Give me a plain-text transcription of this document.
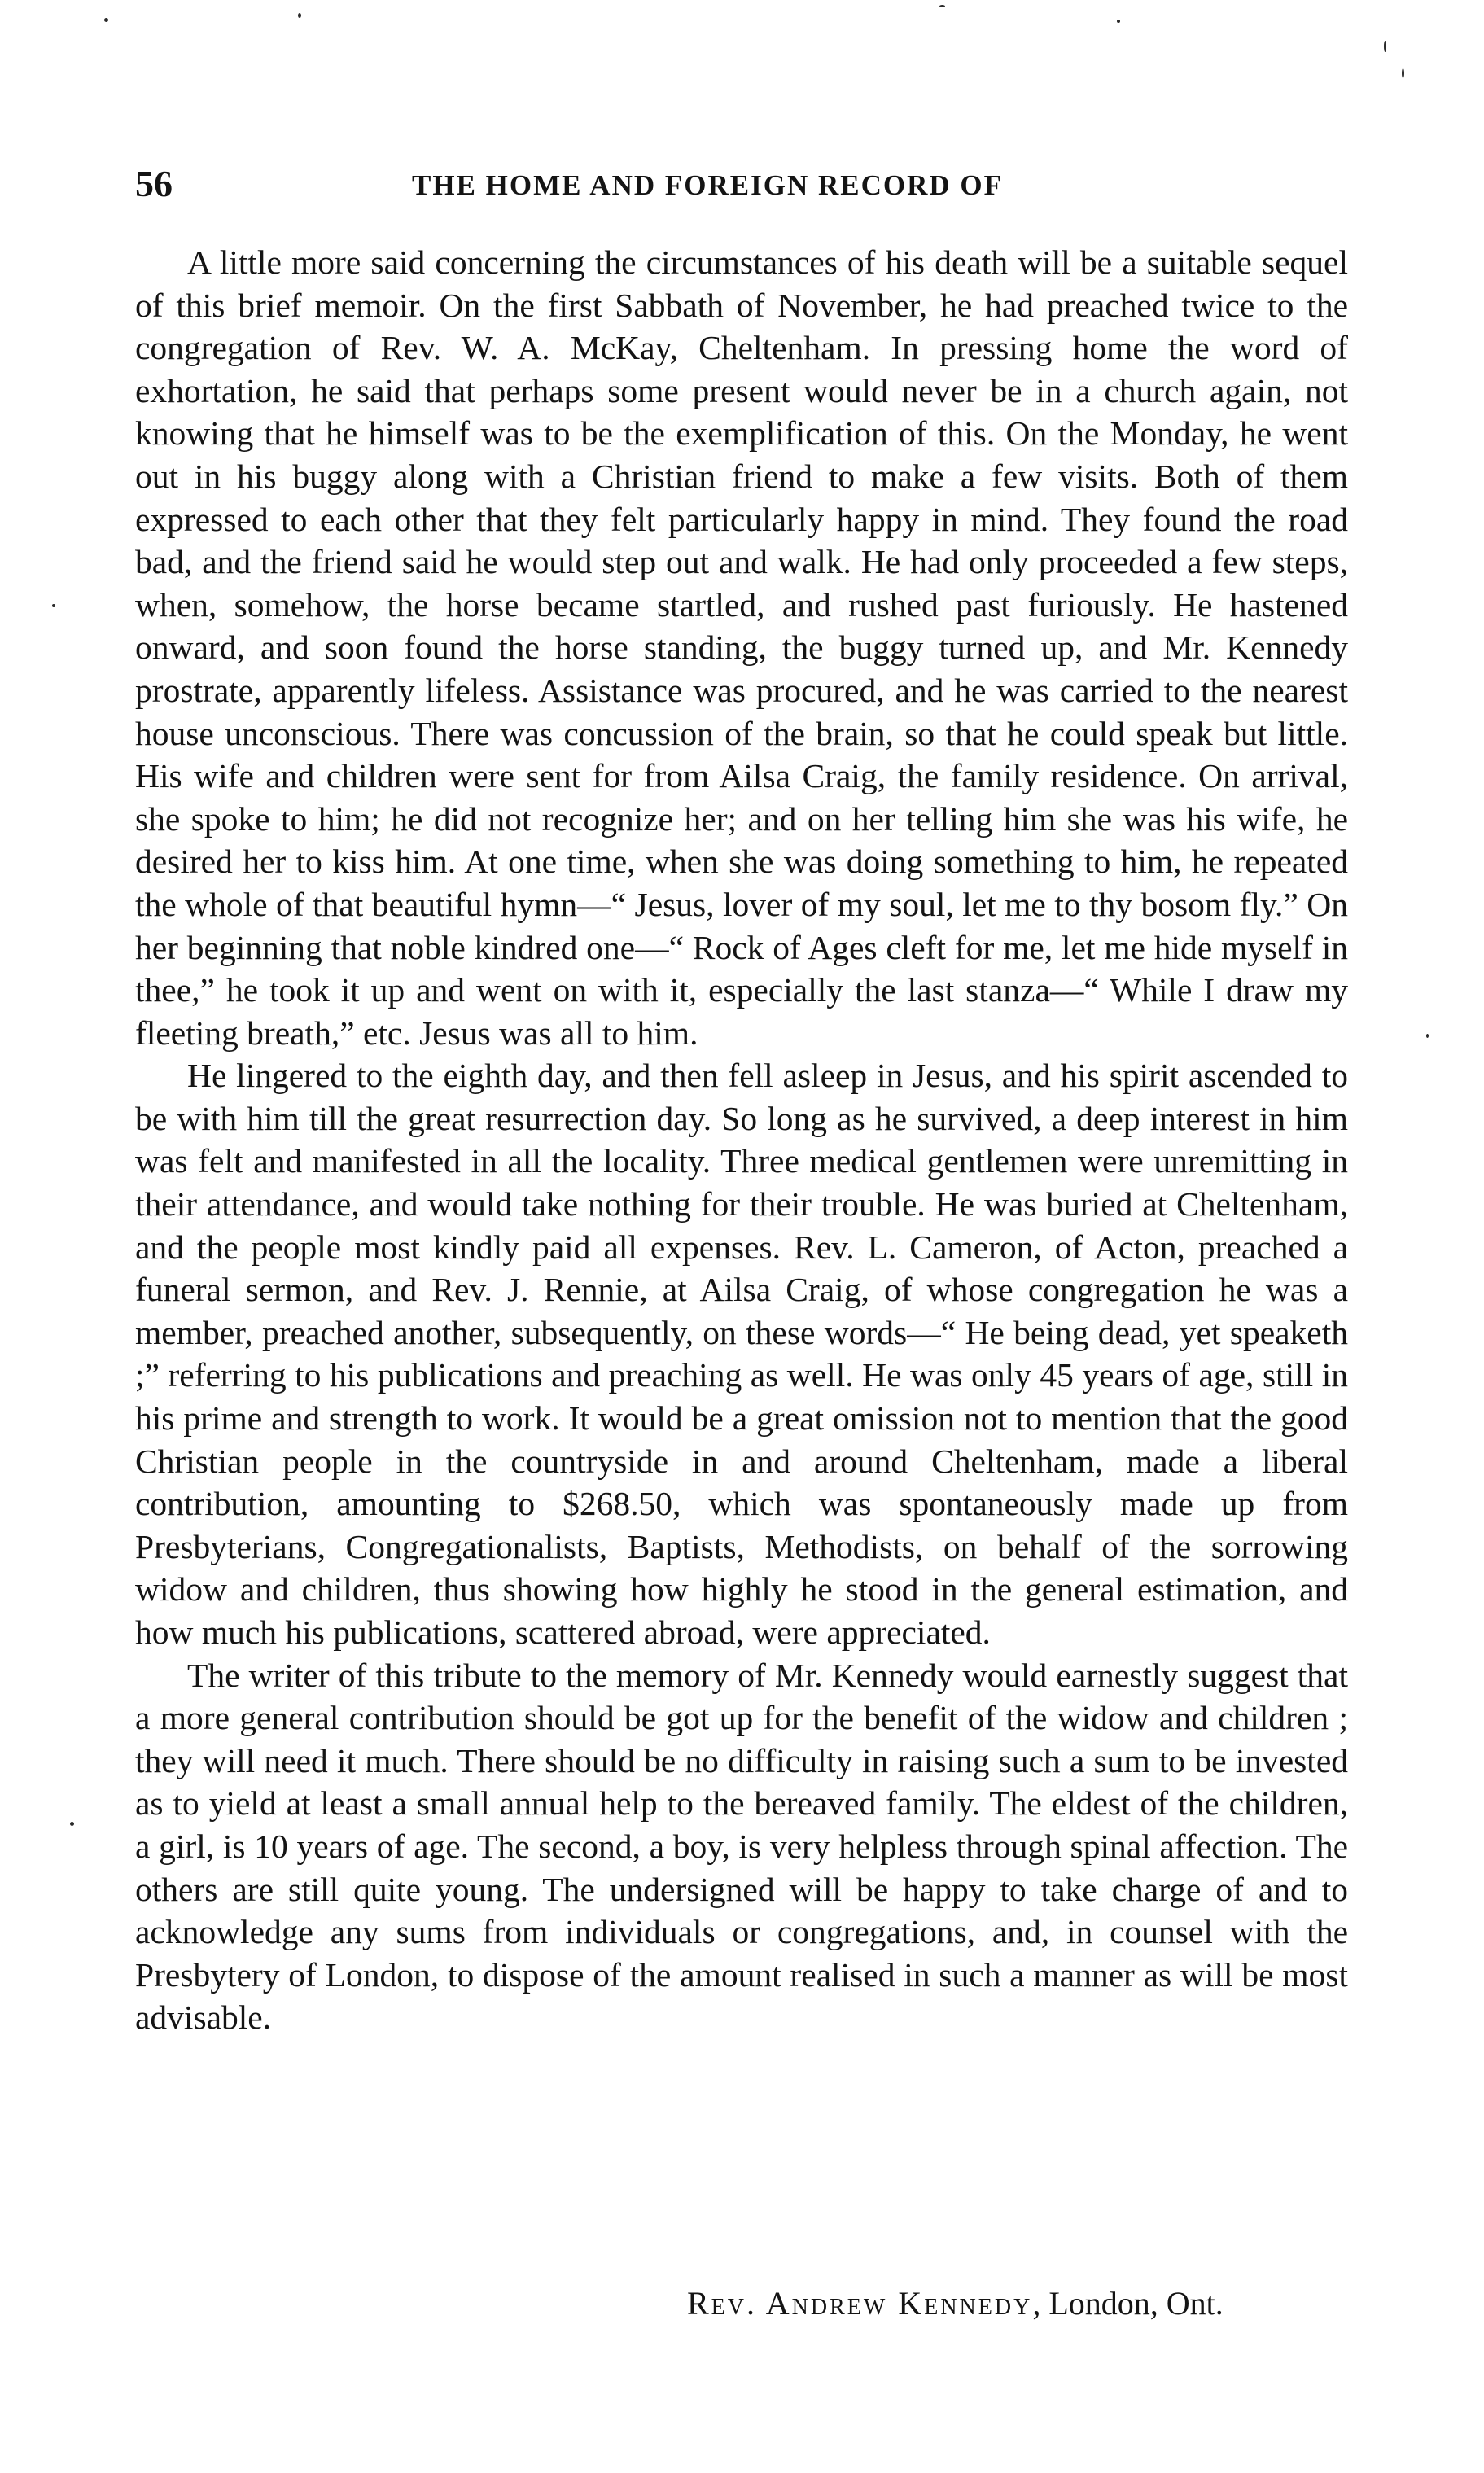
56	THE HOME AND FOREIGN RECORD OF

A little more said concerning the circumstances of his death will be a suitable sequel of this brief memoir. On the first Sabbath of November, he had preached twice to the congregation of Rev. W. A. McKay, Cheltenham. In pressing home the word of exhortation, he said that perhaps some present would never be in a church again, not knowing that he himself was to be the exemplification of this. On the Monday, he went out in his buggy along with a Christian friend to make a few visits. Both of them expressed to each other that they felt particularly happy in mind. They found the road bad, and the friend said he would step out and walk. He had only proceeded a few steps, when, somehow, the horse became startled, and rushed past furiously. He hastened onward, and soon found the horse standing, the buggy turned up, and Mr. Kennedy prostrate, apparently lifeless. Assistance was procured, and he was carried to the nearest house unconscious. There was concussion of the brain, so that he could speak but little. His wife and children were sent for from Ailsa Craig, the family residence. On arrival, she spoke to him; he did not recognize her; and on her telling him she was his wife, he desired her to kiss him. At one time, when she was doing something to him, he repeated the whole of that beautiful hymn—“ Jesus, lover of my soul, let me to thy bosom fly.” On her beginning that noble kindred one—“ Rock of Ages cleft for me, let me hide myself in thee,” he took it up and went on with it, especially the last stanza—“ While I draw my fleeting breath,” etc. Jesus was all to him.

He lingered to the eighth day, and then fell asleep in Jesus, and his spirit ascended to be with him till the great resurrection day. So long as he survived, a deep interest in him was felt and manifested in all the locality. Three medical gentlemen were unremitting in their attendance, and would take nothing for their trouble. He was buried at Cheltenham, and the people most kindly paid all expenses. Rev. L. Cameron, of Acton, preached a funeral sermon, and Rev. J. Rennie, at Ailsa Craig, of whose congregation he was a member, preached another, subsequently, on these words—“ He being dead, yet speaketh ;” referring to his publications and preaching as well. He was only 45 years of age, still in his prime and strength to work. It would be a great omission not to mention that the good Christian people in the countryside in and around Cheltenham, made a liberal contribution, amounting to $268.50, which was spontaneously made up from Presbyterians, Congregationalists, Baptists, Methodists, on behalf of the sorrowing widow and children, thus showing how highly he stood in the general estimation, and how much his publications, scattered abroad, were appreciated.

The writer of this tribute to the memory of Mr. Kennedy would earnestly suggest that a more general contribution should be got up for the benefit of the widow and children ; they will need it much. There should be no difficulty in raising such a sum to be invested as to yield at least a small annual help to the bereaved family. The eldest of the children, a girl, is 10 years of age. The second, a boy, is very helpless through spinal affection. The others are still quite young. The undersigned will be happy to take charge of and to acknowledge any sums from individuals or congregations, and, in counsel with the Presbytery of London, to dispose of the amount realised in such a manner as will be most advisable.

Rev. Andrew Kennedy, London, Ont.
